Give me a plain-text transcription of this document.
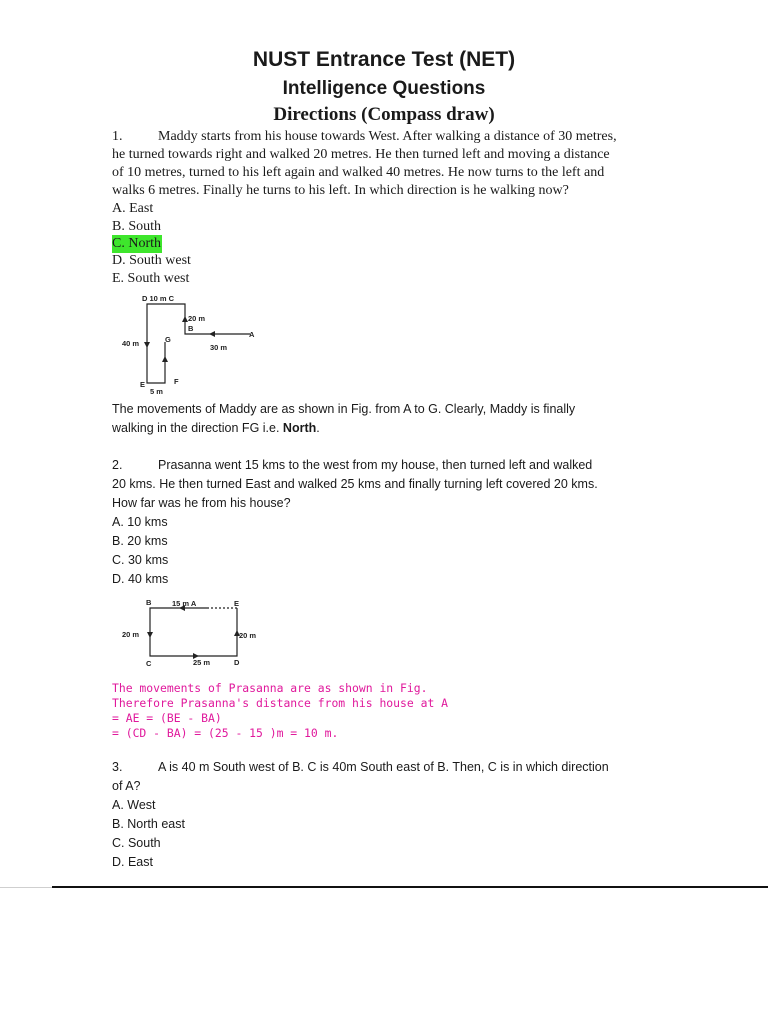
NUST Entrance Test (NET)
Intelligence Questions
Directions (Compass draw)
1.	Maddy starts from his house towards West. After walking a distance of 30 metres,
he turned towards right and walked 20 metres. He then turned left and moving a distance
of 10 metres, turned to his left again and walked 40 metres. He now turns to the left and
walks 6 metres. Finally he turns to his left. In which direction is he walking now?
A. East
B. South
C. North
D. South west
E. South west
D 10 m C
20 m
B
A
40 m	G
30 m
E
5 m
F
The movements of Maddy are as shown in Fig. from A to G. Clearly, Maddy is finally
walking in the direction FG i.e. North.
2.	Prasanna went 15 kms to the west from my house, then turned left and walked
20 kms. He then turned East and walked 25 kms and finally turning left covered 20 kms.
How far was he from his house?
A. 10 kms
B. 20 kms
C. 30 kms
D. 40 kms
B	15 m A	E
20 m	20 m
C	25 m	D
The movements of Prasanna are as shown in Fig.
Therefore Prasanna's distance from his house at A
= AE = (BE - BA)
= (CD - BA) = (25 - 15 )m = 10 m.
3.	A is 40 m South west of B. C is 40m South east of B. Then, C is in which direction
of A?
A. West
B. North east
C. South
D. East
